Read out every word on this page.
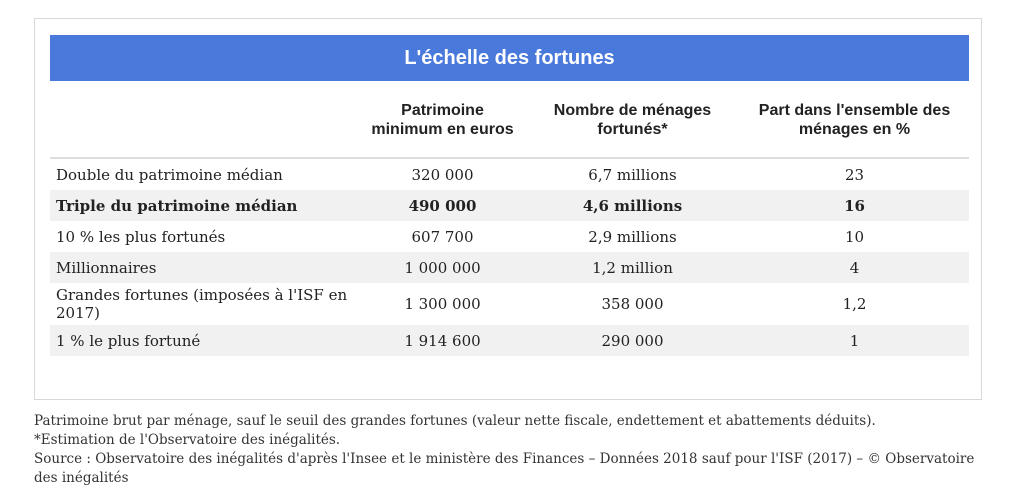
L'échelle des fortunes
	Patrimoine minimum en euros	Nombre de ménages fortunés*	Part dans l'ensemble des ménages en %
Double du patrimoine médian	320 000	6,7 millions	23
Triple du patrimoine médian	490 000	4,6 millions	16
10 % les plus fortunés	607 700	2,9 millions	10
Millionnaires	1 000 000	1,2 million	4
Grandes fortunes (imposées à l'ISF en 2017)	1 300 000	358 000	1,2
1 % le plus fortuné	1 914 600	290 000	1

Patrimoine brut par ménage, sauf le seuil des grandes fortunes (valeur nette fiscale, endettement et abattements déduits).

*Estimation de l'Observatoire des inégalités.

Source : Observatoire des inégalités d'après l'Insee et le ministère des Finances – Données 2018 sauf pour l'ISF (2017) – © Observatoire des inégalités
